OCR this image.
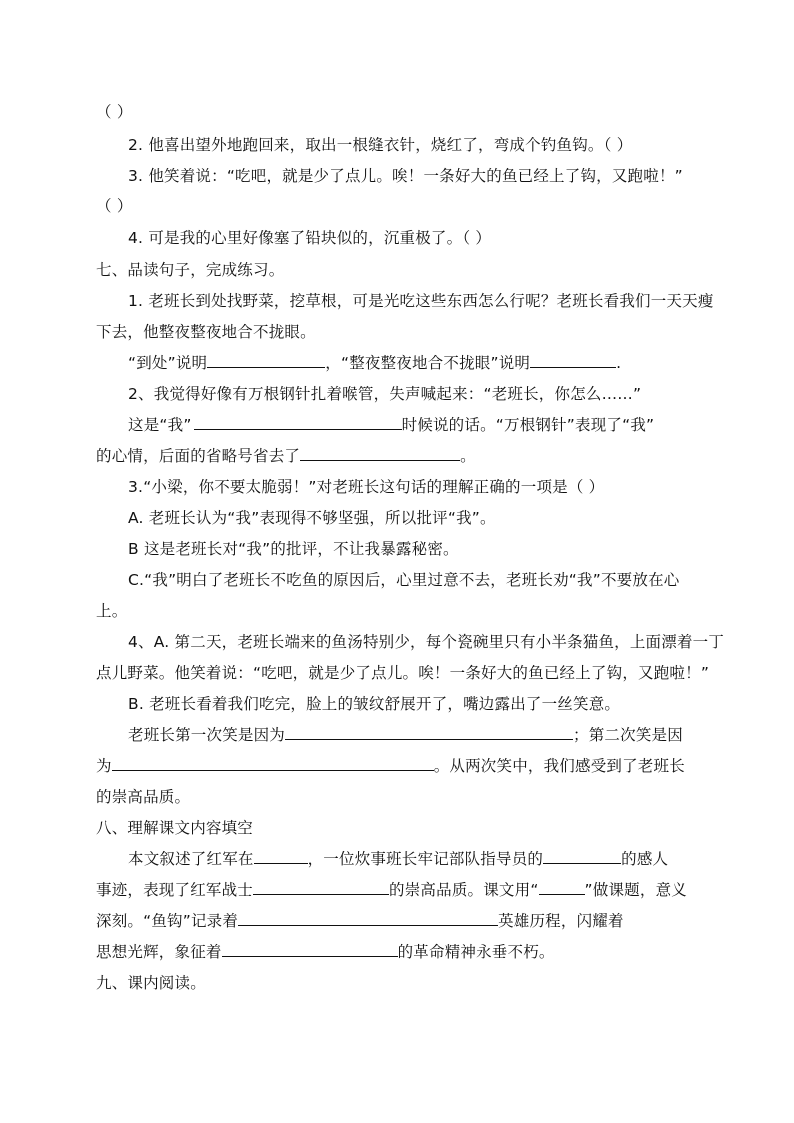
（ ）
2. 他喜出望外地跑回来，取出一根缝衣针，烧红了，弯成个钓鱼钩。（ ）
3. 他笑着说：“吃吧，就是少了点儿。唉！一条好大的鱼已经上了钩，又跑啦！”
（ ）
4. 可是我的心里好像塞了铅块似的，沉重极了。（ ）
七、品读句子，完成练习。
1. 老班长到处找野菜，挖草根，可是光吃这些东西怎么行呢？老班长看我们一天天瘦
下去，他整夜整夜地合不拢眼。
“到处”说明	，“整夜整夜地合不拢眼”说明	.
2、我觉得好像有万根钢针扎着喉管，失声喊起来：“老班长，你怎么……”
这是“我”	时候说的话。“万根钢针”表现了“我”
的心情，后面的省略号省去了	。
3.“小梁，你不要太脆弱！”对老班长这句话的理解正确的一项是（ ）
A. 老班长认为“我”表现得不够坚强，所以批评“我”。
B 这是老班长对“我”的批评，不让我暴露秘密。
C.“我”明白了老班长不吃鱼的原因后，心里过意不去，老班长劝“我”不要放在心
上。
4、A. 第二天，老班长端来的鱼汤特别少，每个瓷碗里只有小半条猫鱼，上面漂着一丁
点儿野菜。他笑着说：“吃吧，就是少了点儿。唉！一条好大的鱼已经上了钩，又跑啦！”
B. 老班长看着我们吃完，脸上的皱纹舒展开了，嘴边露出了一丝笑意。
老班长第一次笑是因为	；第二次笑是因
为	。从两次笑中，我们感受到了老班长
的崇高品质。
八、理解课文内容填空
本文叙述了红军在	，一位炊事班长牢记部队指导员的	的感人
事迹，表现了红军战士	的崇高品质。课文用“	”做课题，意义
深刻。“鱼钩”记录着	英雄历程，闪耀着
思想光辉，象征着	的革命精神永垂不朽。
九、课内阅读。
